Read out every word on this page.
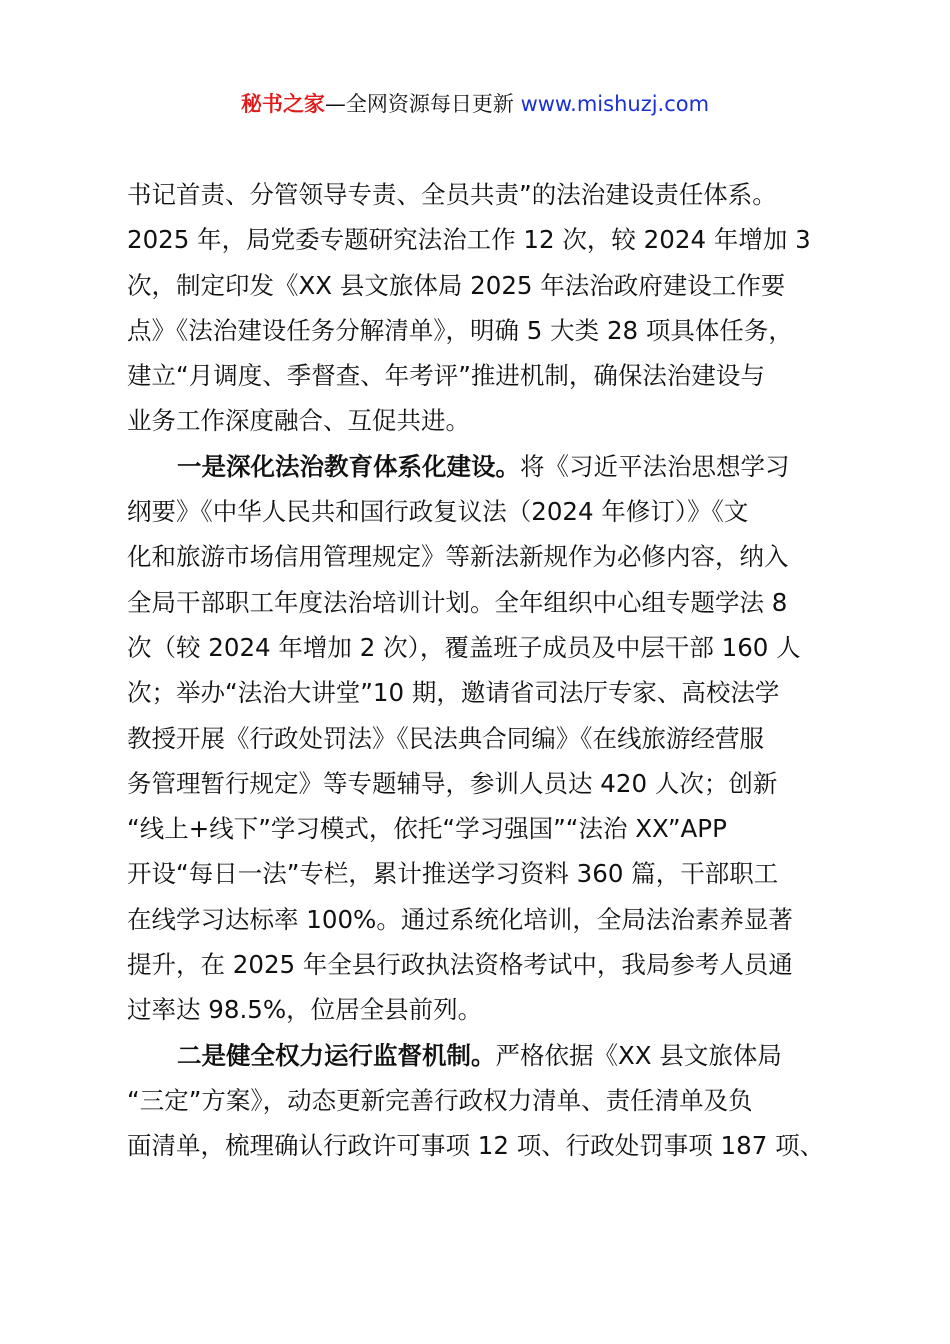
秘书之家—全网资源每日更新 www.mishuzj.com
书记首责、分管领导专责、全员共责”的法治建设责任体系。
2025 年，局党委专题研究法治工作 12 次，较 2024 年增加 3
次，制定印发《XX 县文旅体局 2025 年法治政府建设工作要
点》《法治建设任务分解清单》，明确 5 大类 28 项具体任务，
建立“月调度、季督查、年考评”推进机制，确保法治建设与
业务工作深度融合、互促共进。
一是深化法治教育体系化建设。将《习近平法治思想学习
纲要》《中华人民共和国行政复议法（2024 年修订）》《文
化和旅游市场信用管理规定》等新法新规作为必修内容，纳入
全局干部职工年度法治培训计划。全年组织中心组专题学法 8
次（较 2024 年增加 2 次），覆盖班子成员及中层干部 160 人
次；举办“法治大讲堂”10 期，邀请省司法厅专家、高校法学
教授开展《行政处罚法》《民法典合同编》《在线旅游经营服
务管理暂行规定》等专题辅导，参训人员达 420 人次；创新
“线上+线下”学习模式，依托“学习强国”“法治 XX”APP
开设“每日一法”专栏，累计推送学习资料 360 篇，干部职工
在线学习达标率 100%。通过系统化培训，全局法治素养显著
提升，在 2025 年全县行政执法资格考试中，我局参考人员通
过率达 98.5%，位居全县前列。
二是健全权力运行监督机制。严格依据《XX 县文旅体局
“三定”方案》，动态更新完善行政权力清单、责任清单及负
面清单，梳理确认行政许可事项 12 项、行政处罚事项 187 项、
